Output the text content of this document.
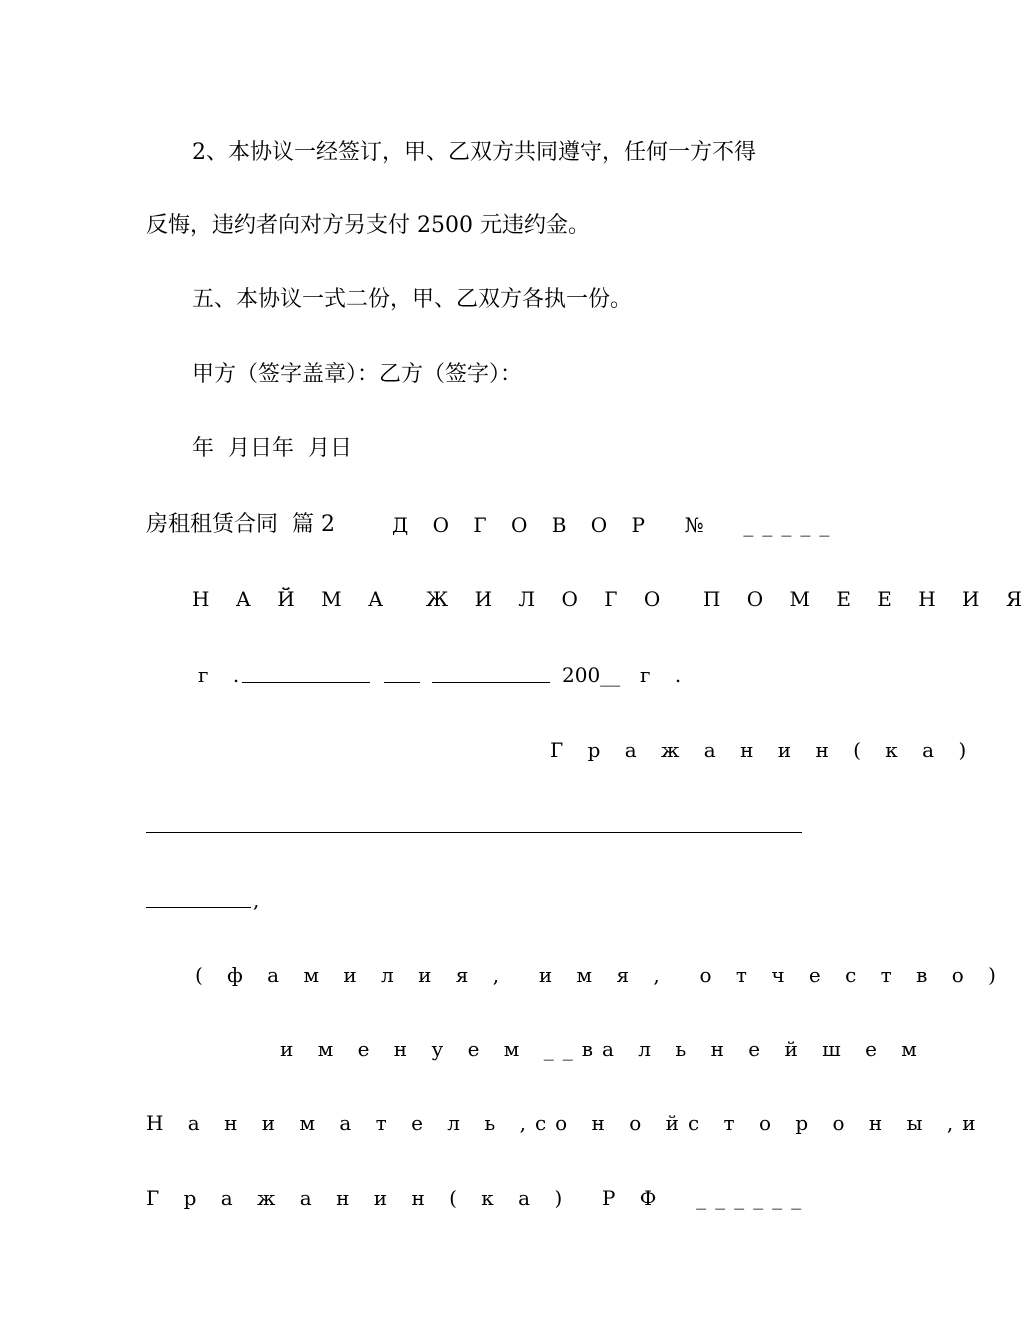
2、本协议一经签订，甲、乙双方共同遵守，任何一方不得
反悔，违约者向对方另支付 2500 元违约金。
五、本协议一式二份，甲、乙双方各执一份。
甲方（签字盖章）：乙方（签字）：
年  月日年  月日
房租租赁合同  篇 2	Д О Г О В О Р  №  _____
Н А Й М А  Ж И Л О Г О  П О М Е Е Н И Я
г .	200__ г .
Г р а ж а н и н ( к а )
,
( ф а м и л и я ,  и м я ,  о т ч е с т в о )
и м е н у е м __ в а л ь н е й ш е м
Н а н и м а т е л ь , с о н о й с т о р о н ы , и
Г р а ж а н и н ( к а )  Р Ф  ______
